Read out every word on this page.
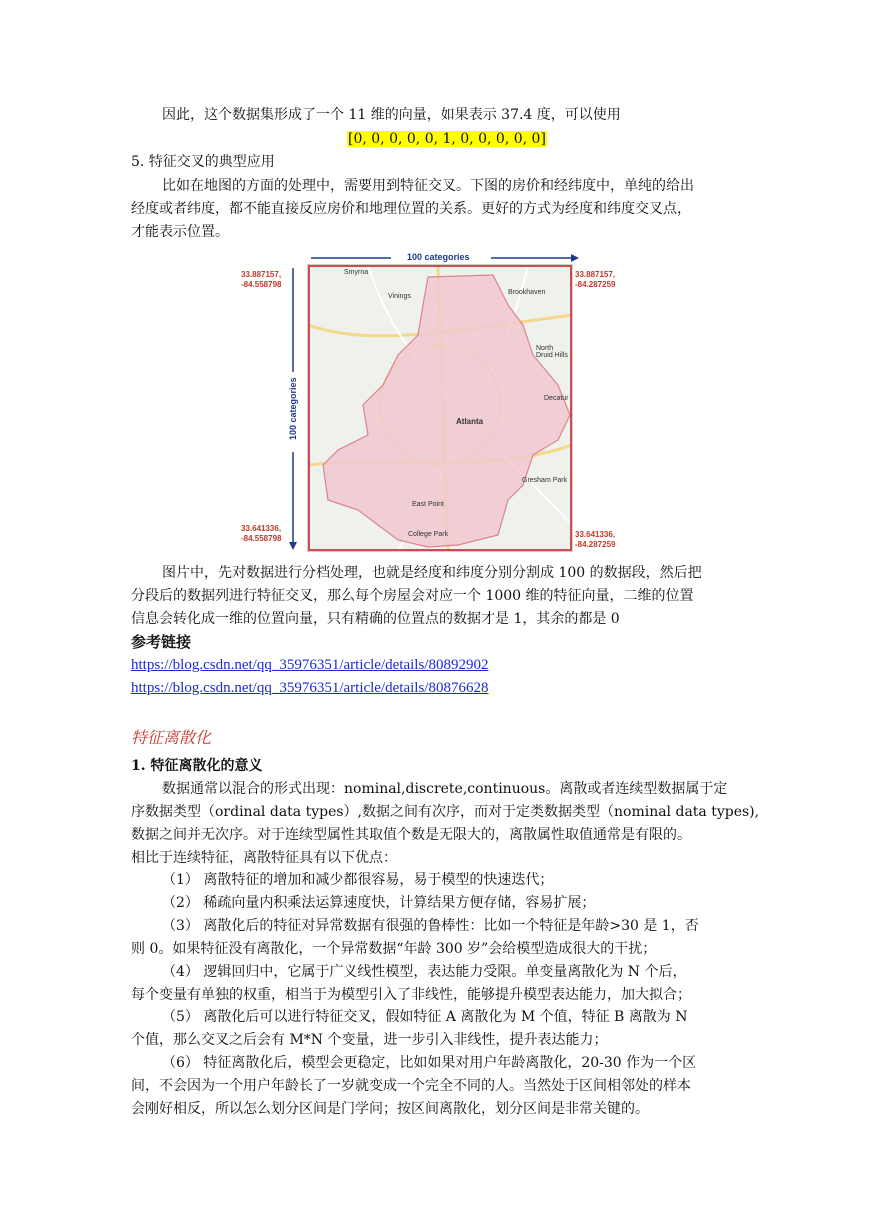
因此，这个数据集形成了一个 11 维的向量，如果表示 37.4 度，可以使用
[0, 0, 0, 0, 0, 1, 0, 0, 0, 0, 0]
5. 特征交叉的典型应用
比如在地图的方面的处理中，需要用到特征交叉。下图的房价和经纬度中，单纯的给出
经度或者纬度，都不能直接反应房价和地理位置的关系。更好的方式为经度和纬度交叉点，
才能表示位置。
100 categories
100 categories
33.887157,
-84.558798
33.887157,
-84.287259
33.641336,
-84.558798	33.641336,
-84.287259
Smyrna
Vinings
Brookhaven
North Druid Hills
Decatur
Atlanta
East Point
College Park
Gresham Park
图片中，先对数据进行分档处理，也就是经度和纬度分别分割成 100 的数据段，然后把
分段后的数据列进行特征交叉，那么每个房屋会对应一个 1000 维的特征向量，二维的位置
信息会转化成一维的位置向量，只有精确的位置点的数据才是 1，其余的都是 0
参考链接
https://blog.csdn.net/qq_35976351/article/details/80892902
https://blog.csdn.net/qq_35976351/article/details/80876628
特征离散化
1. 特征离散化的意义
数据通常以混合的形式出现：nominal,discrete,continuous。离散或者连续型数据属于定
序数据类型（ordinal data types）,数据之间有次序，而对于定类数据类型（nominal data types),
数据之间并无次序。对于连续型属性其取值个数是无限大的，离散属性取值通常是有限的。
相比于连续特征，离散特征具有以下优点：
（1） 离散特征的增加和减少都很容易，易于模型的快速迭代；
（2） 稀疏向量内积乘法运算速度快，计算结果方便存储，容易扩展；
（3） 离散化后的特征对异常数据有很强的鲁棒性：比如一个特征是年龄>30 是 1，否
则 0。如果特征没有离散化，一个异常数据“年龄 300 岁”会给模型造成很大的干扰；
（4） 逻辑回归中，它属于广义线性模型，表达能力受限。单变量离散化为 N 个后，
每个变量有单独的权重，相当于为模型引入了非线性，能够提升模型表达能力，加大拟合；
（5） 离散化后可以进行特征交叉，假如特征 A 离散化为 M 个值，特征 B 离散为 N
个值，那么交叉之后会有 M*N 个变量，进一步引入非线性，提升表达能力；
（6） 特征离散化后，模型会更稳定，比如如果对用户年龄离散化，20-30 作为一个区
间，不会因为一个用户年龄长了一岁就变成一个完全不同的人。当然处于区间相邻处的样本
会刚好相反，所以怎么划分区间是门学问；按区间离散化，划分区间是非常关键的。
